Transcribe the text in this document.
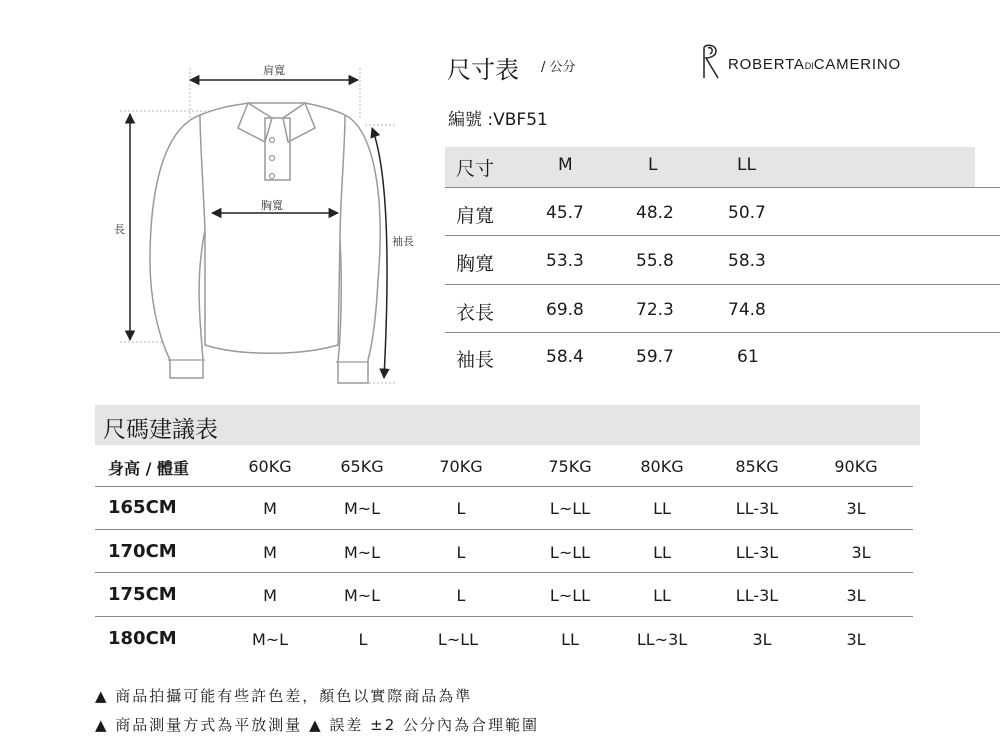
肩寬
胸寬
長
袖長
尺寸表 / 公分	ROBERTADICAMERINO
編號 :VBF51
尺寸	M	L	LL
肩寬	45.7	48.2	50.7
胸寬	53.3	55.8	58.3
衣長	69.8	72.3	74.8
袖長	58.4	59.7	61
尺碼建議表
身高 / 體重	60KG	65KG	70KG	75KG	80KG	85KG	90KG
165CM	M	M~L	L	L~LL	LL	LL-3L	3L
170CM	M	M~L	L	L~LL	LL	LL-3L	3L
175CM	M	M~L	L	L~LL	LL	LL-3L	3L
180CM	M~L	L	L~LL	LL	LL~3L	3L	3L
▲ 商品拍攝可能有些許色差，顏色以實際商品為準
▲ 商品測量方式為平放測量 ▲ 誤差 ±2 公分內為合理範圍
